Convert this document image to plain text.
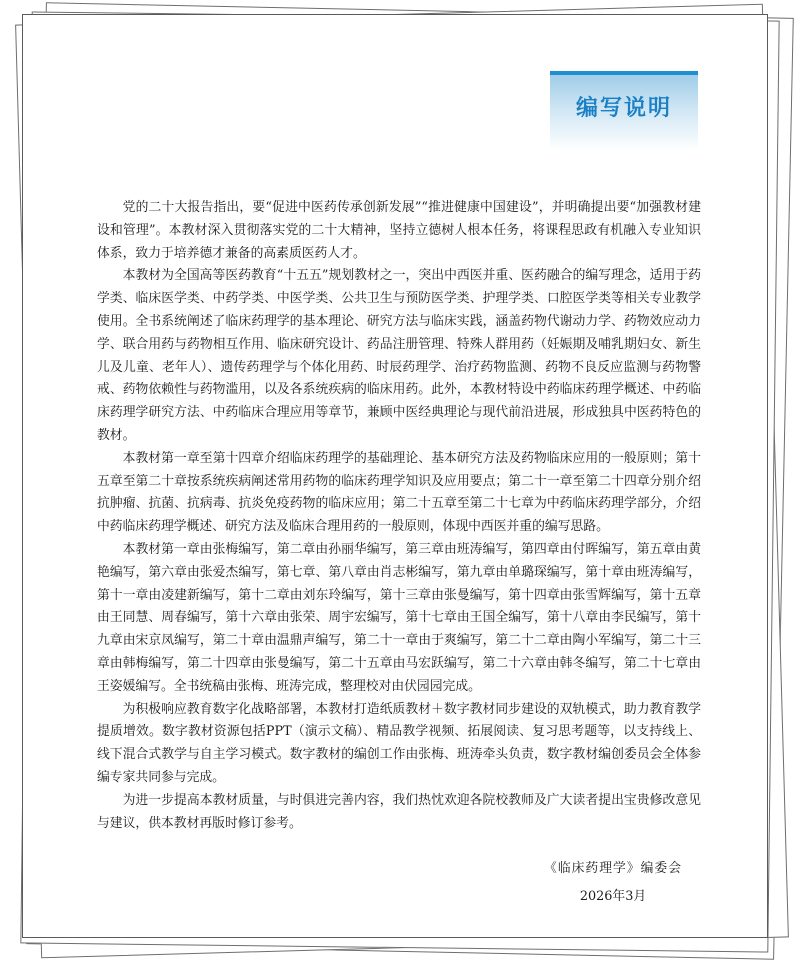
编写说明

党的二十大报告指出，要“促进中医药传承创新发展”“推进健康中国建设”，并明确提出要“加强教材建设和管理”。本教材深入贯彻落实党的二十大精神，坚持立德树人根本任务，将课程思政有机融入专业知识体系，致力于培养德才兼备的高素质医药人才。

本教材为全国高等医药教育“十五五”规划教材之一，突出中西医并重、医药融合的编写理念，适用于药学类、临床医学类、中药学类、中医学类、公共卫生与预防医学类、护理学类、口腔医学类等相关专业教学使用。全书系统阐述了临床药理学的基本理论、研究方法与临床实践，涵盖药物代谢动力学、药物效应动力学、联合用药与药物相互作用、临床研究设计、药品注册管理、特殊人群用药（妊娠期及哺乳期妇女、新生儿及儿童、老年人）、遗传药理学与个体化用药、时辰药理学、治疗药物监测、药物不良反应监测与药物警戒、药物依赖性与药物滥用，以及各系统疾病的临床用药。此外，本教材特设中药临床药理学概述、中药临床药理学研究方法、中药临床合理应用等章节，兼顾中医经典理论与现代前沿进展，形成独具中医药特色的教材。

本教材第一章至第十四章介绍临床药理学的基础理论、基本研究方法及药物临床应用的一般原则；第十五章至第二十章按系统疾病阐述常用药物的临床药理学知识及应用要点；第二十一章至第二十四章分别介绍抗肿瘤、抗菌、抗病毒、抗炎免疫药物的临床应用；第二十五章至第二十七章为中药临床药理学部分，介绍中药临床药理学概述、研究方法及临床合理用药的一般原则，体现中西医并重的编写思路。

本教材第一章由张梅编写，第二章由孙丽华编写，第三章由班涛编写，第四章由付晖编写，第五章由黄艳编写，第六章由张爱杰编写，第七章、第八章由肖志彬编写，第九章由单璐琛编写，第十章由班涛编写，第十一章由凌建新编写，第十二章由刘东玲编写，第十三章由张曼编写，第十四章由张雪辉编写，第十五章由王同慧、周春编写，第十六章由张荣、周宇宏编写，第十七章由王国全编写，第十八章由李民编写，第十九章由宋京凤编写，第二十章由温鼎声编写，第二十一章由于爽编写，第二十二章由陶小军编写，第二十三章由韩梅编写，第二十四章由张曼编写，第二十五章由马宏跃编写，第二十六章由韩冬编写，第二十七章由王姿媛编写。全书统稿由张梅、班涛完成，整理校对由伏园园完成。

为积极响应教育数字化战略部署，本教材打造纸质教材＋数字教材同步建设的双轨模式，助力教育教学提质增效。数字教材资源包括PPT（演示文稿）、精品教学视频、拓展阅读、复习思考题等，以支持线上、线下混合式教学与自主学习模式。数字教材的编创工作由张梅、班涛牵头负责，数字教材编创委员会全体参编专家共同参与完成。

为进一步提高本教材质量，与时俱进完善内容，我们热忱欢迎各院校教师及广大读者提出宝贵修改意见与建议，供本教材再版时修订参考。

《临床药理学》编委会
2026年3月
